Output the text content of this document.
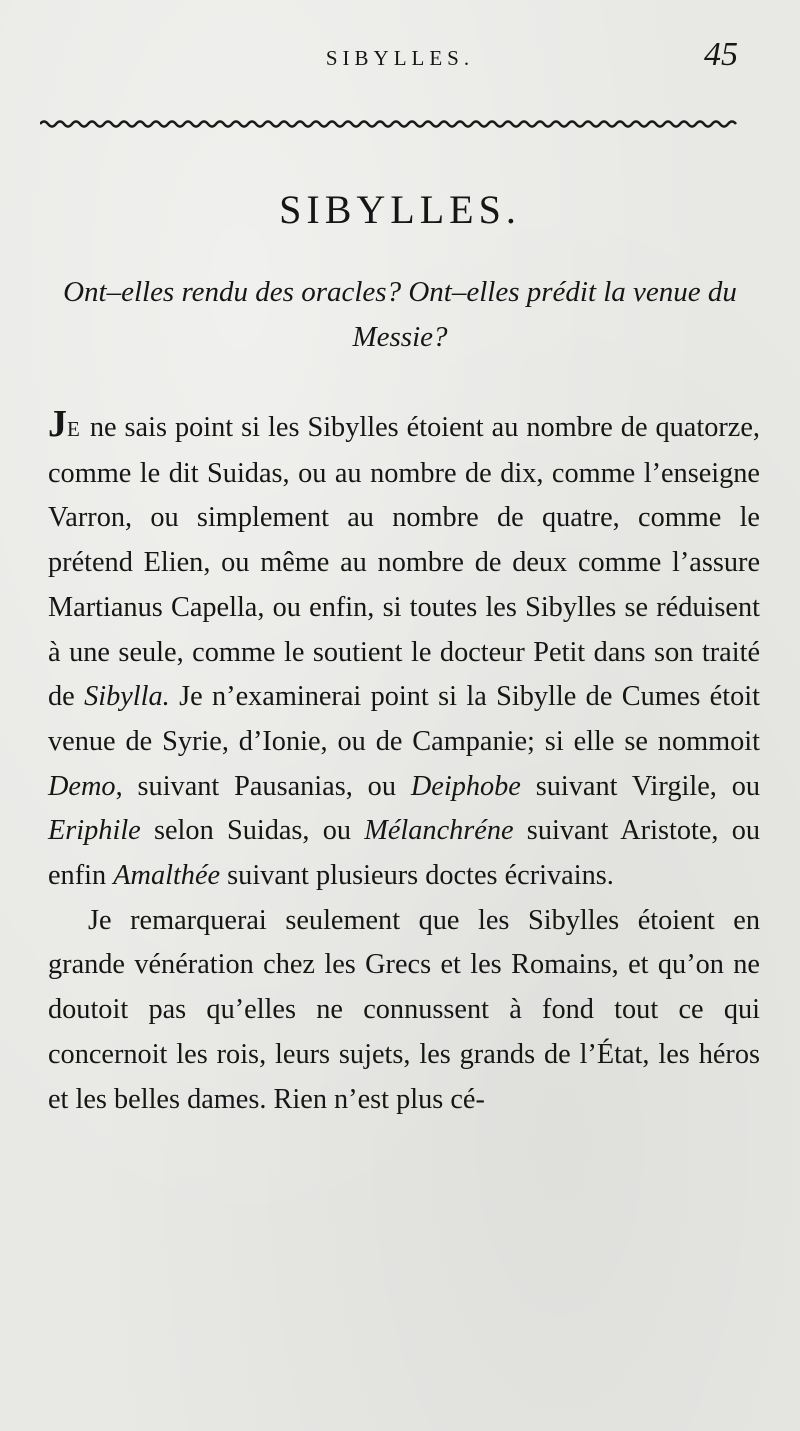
SIBYLLES.	45
SIBYLLES.
Ont–elles rendu des oracles? Ont–elles prédit la venue du Messie?

JE ne sais point si les Sibylles étoient au nombre de quatorze, comme le dit Suidas, ou au nombre de dix, comme l’enseigne Varron, ou simplement au nombre de quatre, comme le prétend Elien, ou même au nombre de deux comme l’assure Martianus Capella, ou enfin, si toutes les Sibylles se réduisent à une seule, comme le soutient le docteur Petit dans son traité de Sibylla. Je n’examinerai point si la Sibylle de Cumes étoit venue de Syrie, d’Ionie, ou de Campanie; si elle se nommoit Demo, suivant Pausanias, ou Deiphobe suivant Virgile, ou Eriphile selon Suidas, ou Mélanchréne suivant Aristote, ou enfin Amalthée suivant plusieurs doctes écrivains.

Je remarquerai seulement que les Sibylles étoient en grande vénération chez les Grecs et les Romains, et qu’on ne doutoit pas qu’elles ne connussent à fond tout ce qui concernoit les rois, leurs sujets, les grands de l’État, les héros et les belles dames. Rien n’est plus cé-
